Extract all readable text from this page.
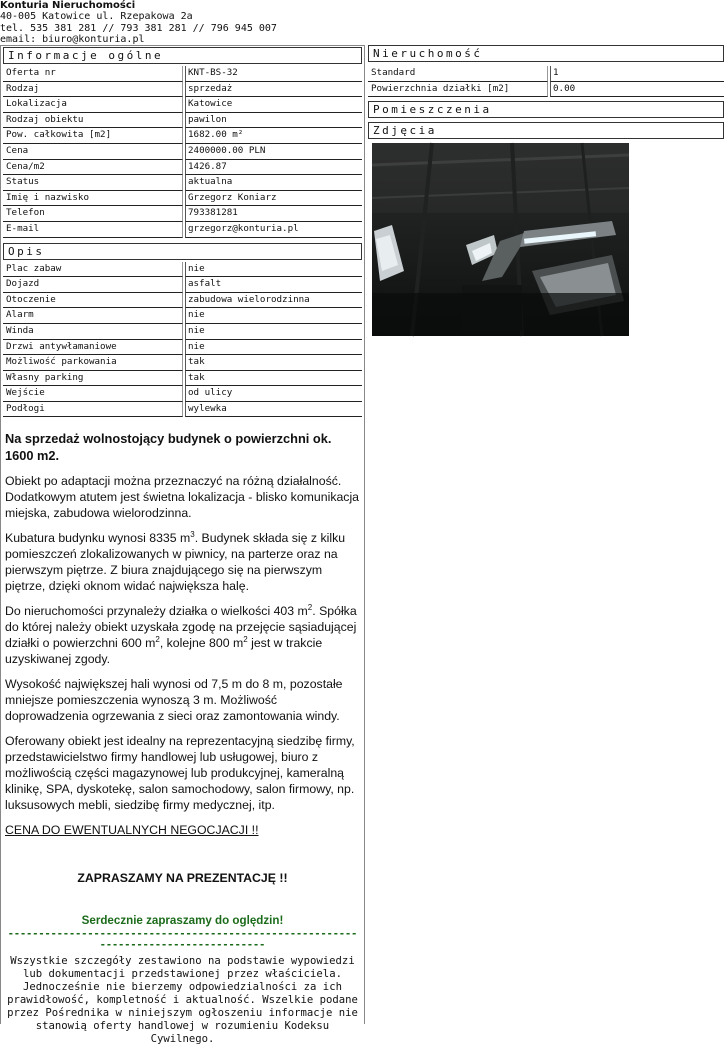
Konturia Nieruchomości
40-005 Katowice ul. Rzepakowa 2a
tel. 535 381 281 // 793 381 281 // 796 945 007
email: biuro@konturia.pl
Informacje ogólne
Oferta nr	KNT-BS-32
Rodzaj	sprzedaż
Lokalizacja	Katowice
Rodzaj obiektu	pawilon
Pow. całkowita [m2]	1682.00 m²
Cena	2400000.00 PLN
Cena/m2	1426.87
Status	aktualna
Imię i nazwisko	Grzegorz Koniarz
Telefon	793381281
E-mail	grzegorz@konturia.pl
Opis
Plac zabaw	nie
Dojazd	asfalt
Otoczenie	zabudowa wielorodzinna
Alarm	nie
Winda	nie
Drzwi antywłamaniowe	nie
Możliwość parkowania	tak
Własny parking	tak
Wejście	od ulicy
Podłogi	wylewka

Na sprzedaż wolnostojący budynek o powierzchni ok. 1600 m2.

Obiekt po adaptacji można przeznaczyć na różną działalność. Dodatkowym atutem jest świetna lokalizacja - blisko komunikacja miejska, zabudowa wielorodzinna.

Kubatura budynku wynosi 8335 $m^3$. Budynek składa się z kilku pomieszczeń zlokalizowanych w piwnicy, na parterze oraz na pierwszym piętrze. Z biura znajdującego się na pierwszym piętrze, dzięki oknom widać największa halę.

Do nieruchomości przynależy działka o wielkości 403 $m^2$. Spółka do której należy obiekt uzyskała zgodę na przejęcie sąsiadującej działki o powierzchni 600 $m^2$, kolejne 800 $m^2$ jest w trakcie uzyskiwanej zgody.

Wysokość największej hali wynosi od 7,5 m do 8 m, pozostałe mniejsze pomieszczenia wynoszą 3 m. Możliwość doprowadzenia ogrzewania z sieci oraz zamontowania windy.

Oferowany obiekt jest idealny na reprezentacyjną siedzibę firmy, przedstawicielstwo firmy handlowej lub usługowej, biuro z możliwością części magazynowej lub produkcyjnej, kameralną klinikę, SPA, dyskotekę, salon samochodowy, salon firmowy, np. luksusowych mebli, siedzibę firmy medycznej, itp.

CENA DO EWENTUALNYCH NEGOCJACJI !!

ZAPRASZAMY NA PREZENTACJĘ !!

Serdecznie zapraszamy do oględzin!

------------------------------------------------------------------------------------
Wszystkie szczegóły zestawiono na podstawie wypowiedzi lub dokumentacji przedstawionej przez właściciela. Jednocześnie nie bierzemy odpowiedzialności za ich prawidłowość, kompletność i aktualność. Wszelkie podane przez Pośrednika w niniejszym ogłoszeniu informacje nie stanowią oferty handlowej w rozumieniu Kodeksu Cywilnego.
Nieruchomość
Standard	1
Powierzchnia działki [m2]	0.00
Pomieszczenia
Zdjęcia
